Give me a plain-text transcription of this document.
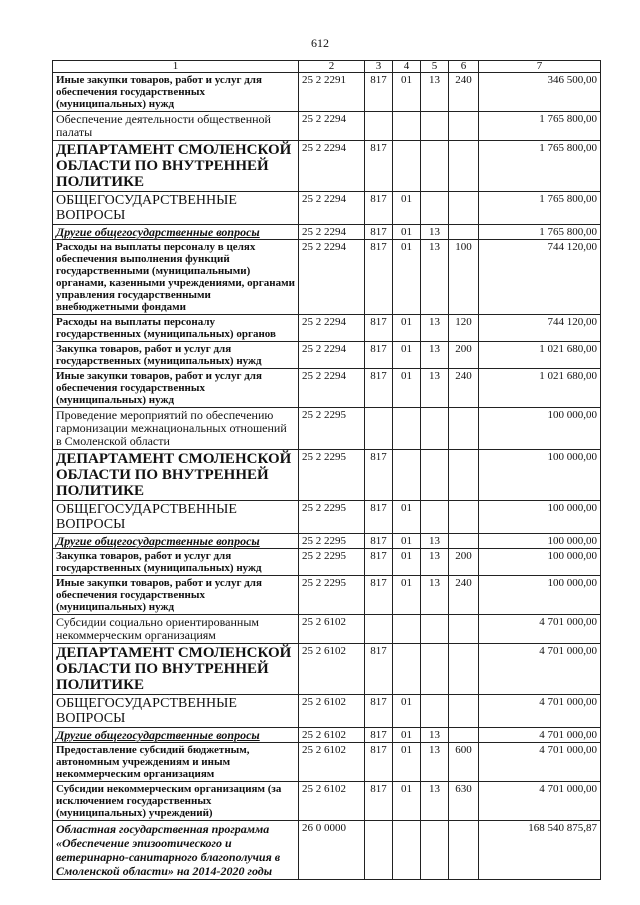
612
1	2	3	4	5	6	7
Иные закупки товаров, работ и услуг для обеспечения государственных (муниципальных) нужд	25 2 2291	817	01	13	240	346 500,00
Обеспечение деятельности общественной палаты	25 2 2294					1 765 800,00
ДЕПАРТАМЕНТ СМОЛЕНСКОЙ ОБЛАСТИ ПО ВНУТРЕННЕЙ ПОЛИТИКЕ	25 2 2294	817				1 765 800,00
ОБЩЕГОСУДАРСТВЕННЫЕ ВОПРОСЫ	25 2 2294	817	01			1 765 800,00
Другие общегосударственные вопросы	25 2 2294	817	01	13		1 765 800,00
Расходы на выплаты персоналу в целях обеспечения выполнения функций государственными (муниципальными) органами, казенными учреждениями, органами управления государственными внебюджетными фондами	25 2 2294	817	01	13	100	744 120,00
Расходы на выплаты персоналу государственных (муниципальных) органов	25 2 2294	817	01	13	120	744 120,00
Закупка товаров, работ и услуг для государственных (муниципальных) нужд	25 2 2294	817	01	13	200	1 021 680,00
Иные закупки товаров, работ и услуг для обеспечения государственных (муниципальных) нужд	25 2 2294	817	01	13	240	1 021 680,00
Проведение мероприятий по обеспечению гармонизации межнациональных отношений в Смоленской области	25 2 2295					100 000,00
ДЕПАРТАМЕНТ СМОЛЕНСКОЙ ОБЛАСТИ ПО ВНУТРЕННЕЙ ПОЛИТИКЕ	25 2 2295	817				100 000,00
ОБЩЕГОСУДАРСТВЕННЫЕ ВОПРОСЫ	25 2 2295	817	01			100 000,00
Другие общегосударственные вопросы	25 2 2295	817	01	13		100 000,00
Закупка товаров, работ и услуг для государственных (муниципальных) нужд	25 2 2295	817	01	13	200	100 000,00
Иные закупки товаров, работ и услуг для обеспечения государственных (муниципальных) нужд	25 2 2295	817	01	13	240	100 000,00
Субсидии социально ориентированным некоммерческим организациям	25 2 6102					4 701 000,00
ДЕПАРТАМЕНТ СМОЛЕНСКОЙ ОБЛАСТИ ПО ВНУТРЕННЕЙ ПОЛИТИКЕ	25 2 6102	817				4 701 000,00
ОБЩЕГОСУДАРСТВЕННЫЕ ВОПРОСЫ	25 2 6102	817	01			4 701 000,00
Другие общегосударственные вопросы	25 2 6102	817	01	13		4 701 000,00
Предоставление субсидий бюджетным, автономным учреждениям и иным некоммерческим организациям	25 2 6102	817	01	13	600	4 701 000,00
Субсидии некоммерческим организациям (за исключением государственных (муниципальных) учреждений)	25 2 6102	817	01	13	630	4 701 000,00
Областная государственная программа «Обеспечение эпизоотического и ветеринарно-санитарного благополучия в Смоленской области» на 2014-2020 годы	26 0 0000					168 540 875,87
